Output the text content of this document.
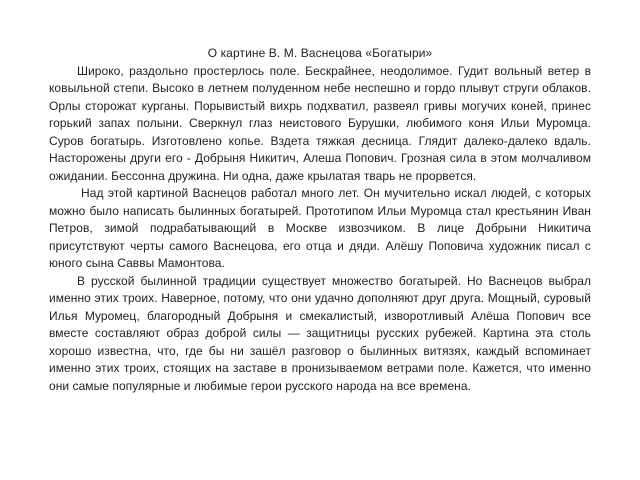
О картине В. М. Васнецова «Богатыри»

Широко, раздольно простерлось поле. Бескрайнее, неодолимое. Гудит вольный ветер в ковыльной степи. Высоко в летнем полуденном небе неспешно и гордо плывут струги облаков. Орлы сторожат курганы. Порывистый вихрь подхватил, развеял гривы могучих коней, принес горький запах полыни. Сверкнул глаз неистового Бурушки, любимого коня Ильи Муромца. Суров богатырь. Изготовлено копье. Вздета тяжкая десница. Глядит далеко-далеко вдаль. Насторожены други его - Добрыня Никитич, Алеша Попович. Грозная сила в этом молчаливом ожидании. Бессонна дружина. Ни одна, даже крылатая тварь не прорвется.

Над этой картиной Васнецов работал много лет. Он мучительно искал людей, с которых можно было написать былинных богатырей. Прототипом Ильи Муромца стал крестьянин Иван Петров, зимой подрабатывающий в Москве извозчиком. В лице Добрыни Никитича присутствуют черты самого Васнецова, его отца и дяди. Алёшу Поповича художник писал с юного сына Саввы Мамонтова.

В русской былинной традиции существует множество богатырей. Но Васнецов выбрал именно этих троих. Наверное, потому, что они удачно дополняют друг друга. Мощный, суровый Илья Муромец, благородный Добрыня и смекалистый, изворотливый Алёша Попович все вместе составляют образ доброй силы — защитницы русских рубежей. Картина эта столь хорошо известна, что, где бы ни зашёл разговор о былинных витязях, каждый вспоминает именно этих троих, стоящих на заставе в пронизываемом ветрами поле. Кажется, что именно они самые популярные и любимые герои русского народа на все времена.
